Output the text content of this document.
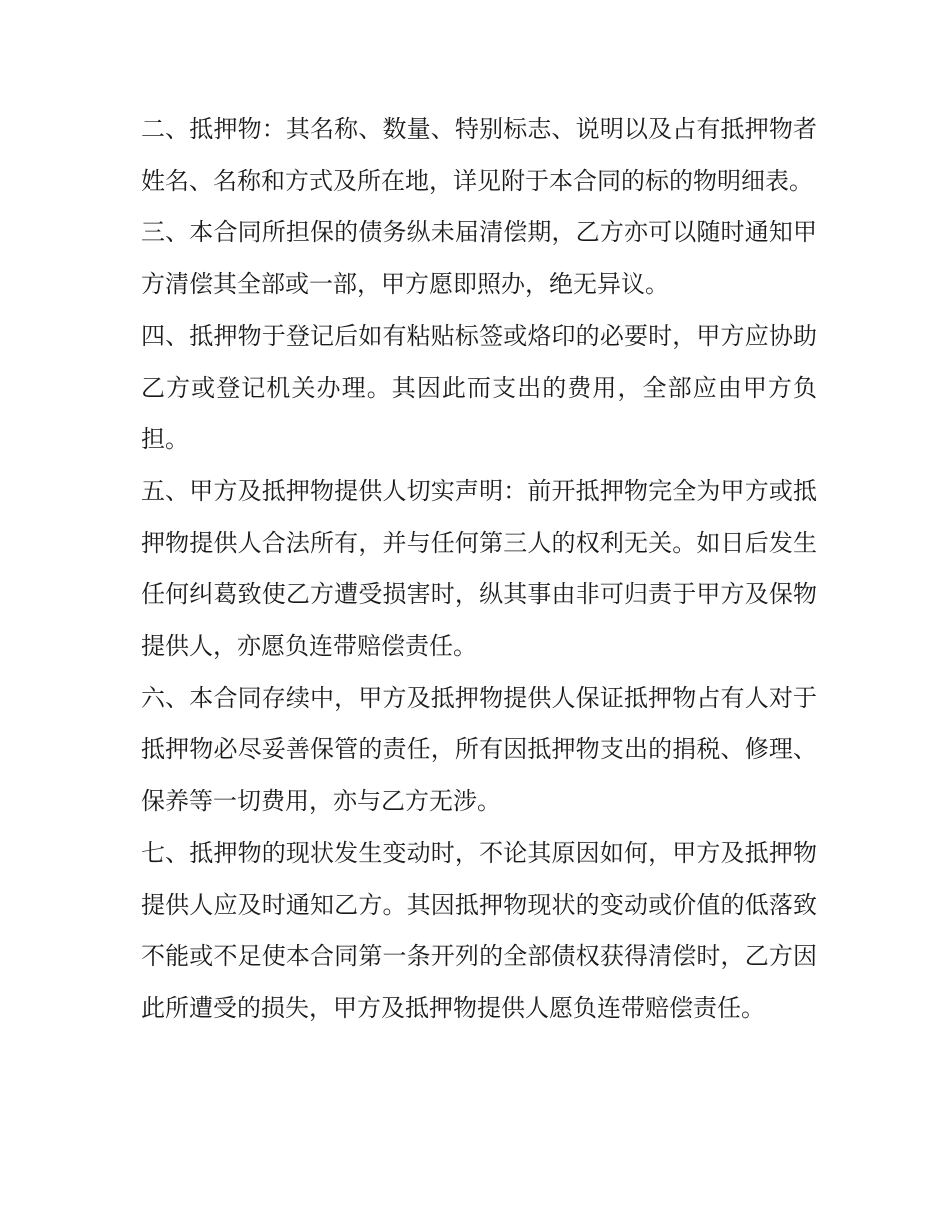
二、抵押物：其名称、数量、特别标志、说明以及占有抵押物者姓名、名称和方式及所在地，详见附于本合同的标的物明细表。

三、本合同所担保的债务纵未届清偿期，乙方亦可以随时通知甲方清偿其全部或一部，甲方愿即照办，绝无异议。

四、抵押物于登记后如有粘贴标签或烙印的必要时，甲方应协助乙方或登记机关办理。其因此而支出的费用，全部应由甲方负担。

五、甲方及抵押物提供人切实声明：前开抵押物完全为甲方或抵押物提供人合法所有，并与任何第三人的权利无关。如日后发生任何纠葛致使乙方遭受损害时，纵其事由非可归责于甲方及保物提供人，亦愿负连带赔偿责任。

六、本合同存续中，甲方及抵押物提供人保证抵押物占有人对于抵押物必尽妥善保管的责任，所有因抵押物支出的捐税、修理、保养等一切费用，亦与乙方无涉。

七、抵押物的现状发生变动时，不论其原因如何，甲方及抵押物提供人应及时通知乙方。其因抵押物现状的变动或价值的低落致不能或不足使本合同第一条开列的全部债权获得清偿时，乙方因此所遭受的损失，甲方及抵押物提供人愿负连带赔偿责任。
